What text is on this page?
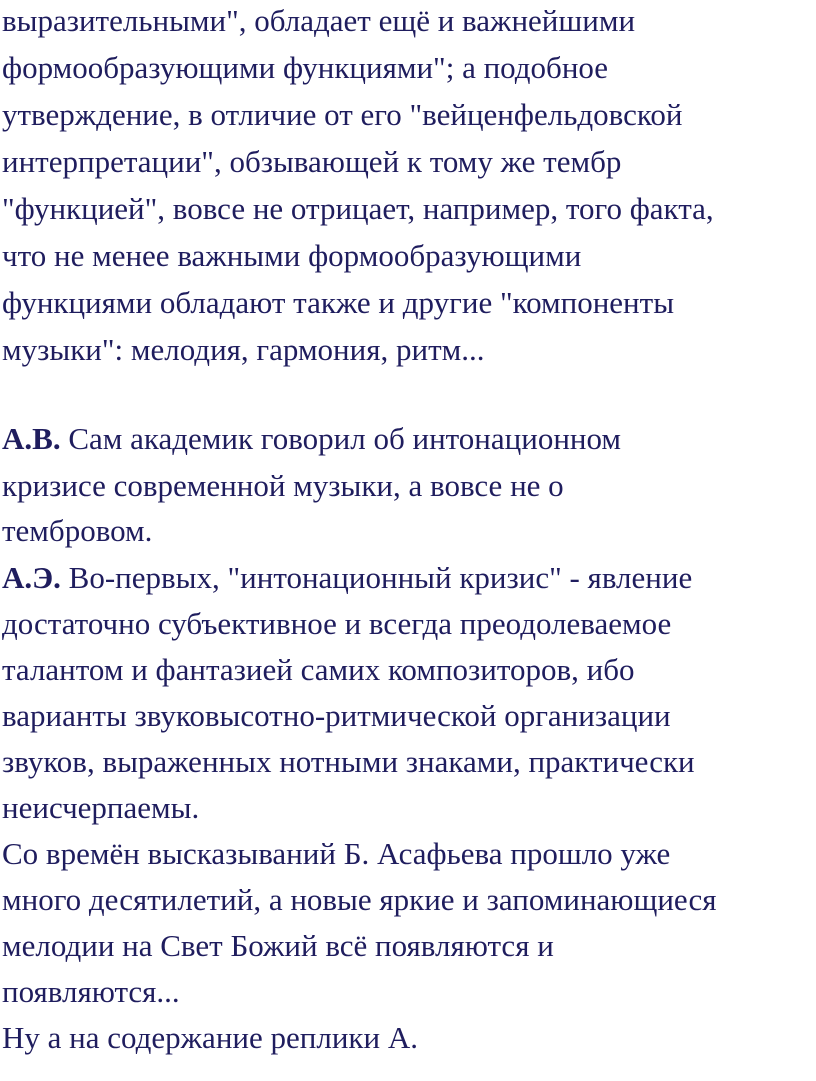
выразительными", обладает ещё и важнейшими
формообразующими функциями"; а подобное
утверждение, в отличие от его "вейценфельдовской
интерпретации", обзывающей к тому же тембр
"функцией", вовсе не отрицает, например, того факта,
что не менее важными формообразующими
функциями обладают также и другие "компоненты
музыки": мелодия, гармония, ритм...
А.В. Сам академик говорил об интонационном
кризисе современной музыки, а вовсе не о
тембровом.
А.Э. Во-первых, "интонационный кризис" - явление
достаточно субъективное и всегда преодолеваемое
талантом и фантазией самих композиторов, ибо
варианты звуковысотно-ритмической организации
звуков, выраженных нотными знаками, практически
неисчерпаемы.
Со времён высказываний Б. Асафьева прошло уже
много десятилетий, а новые яркие и запоминающиеся
мелодии на Свет Божий всё появляются и
появляются...
Ну а на содержание реплики А.
